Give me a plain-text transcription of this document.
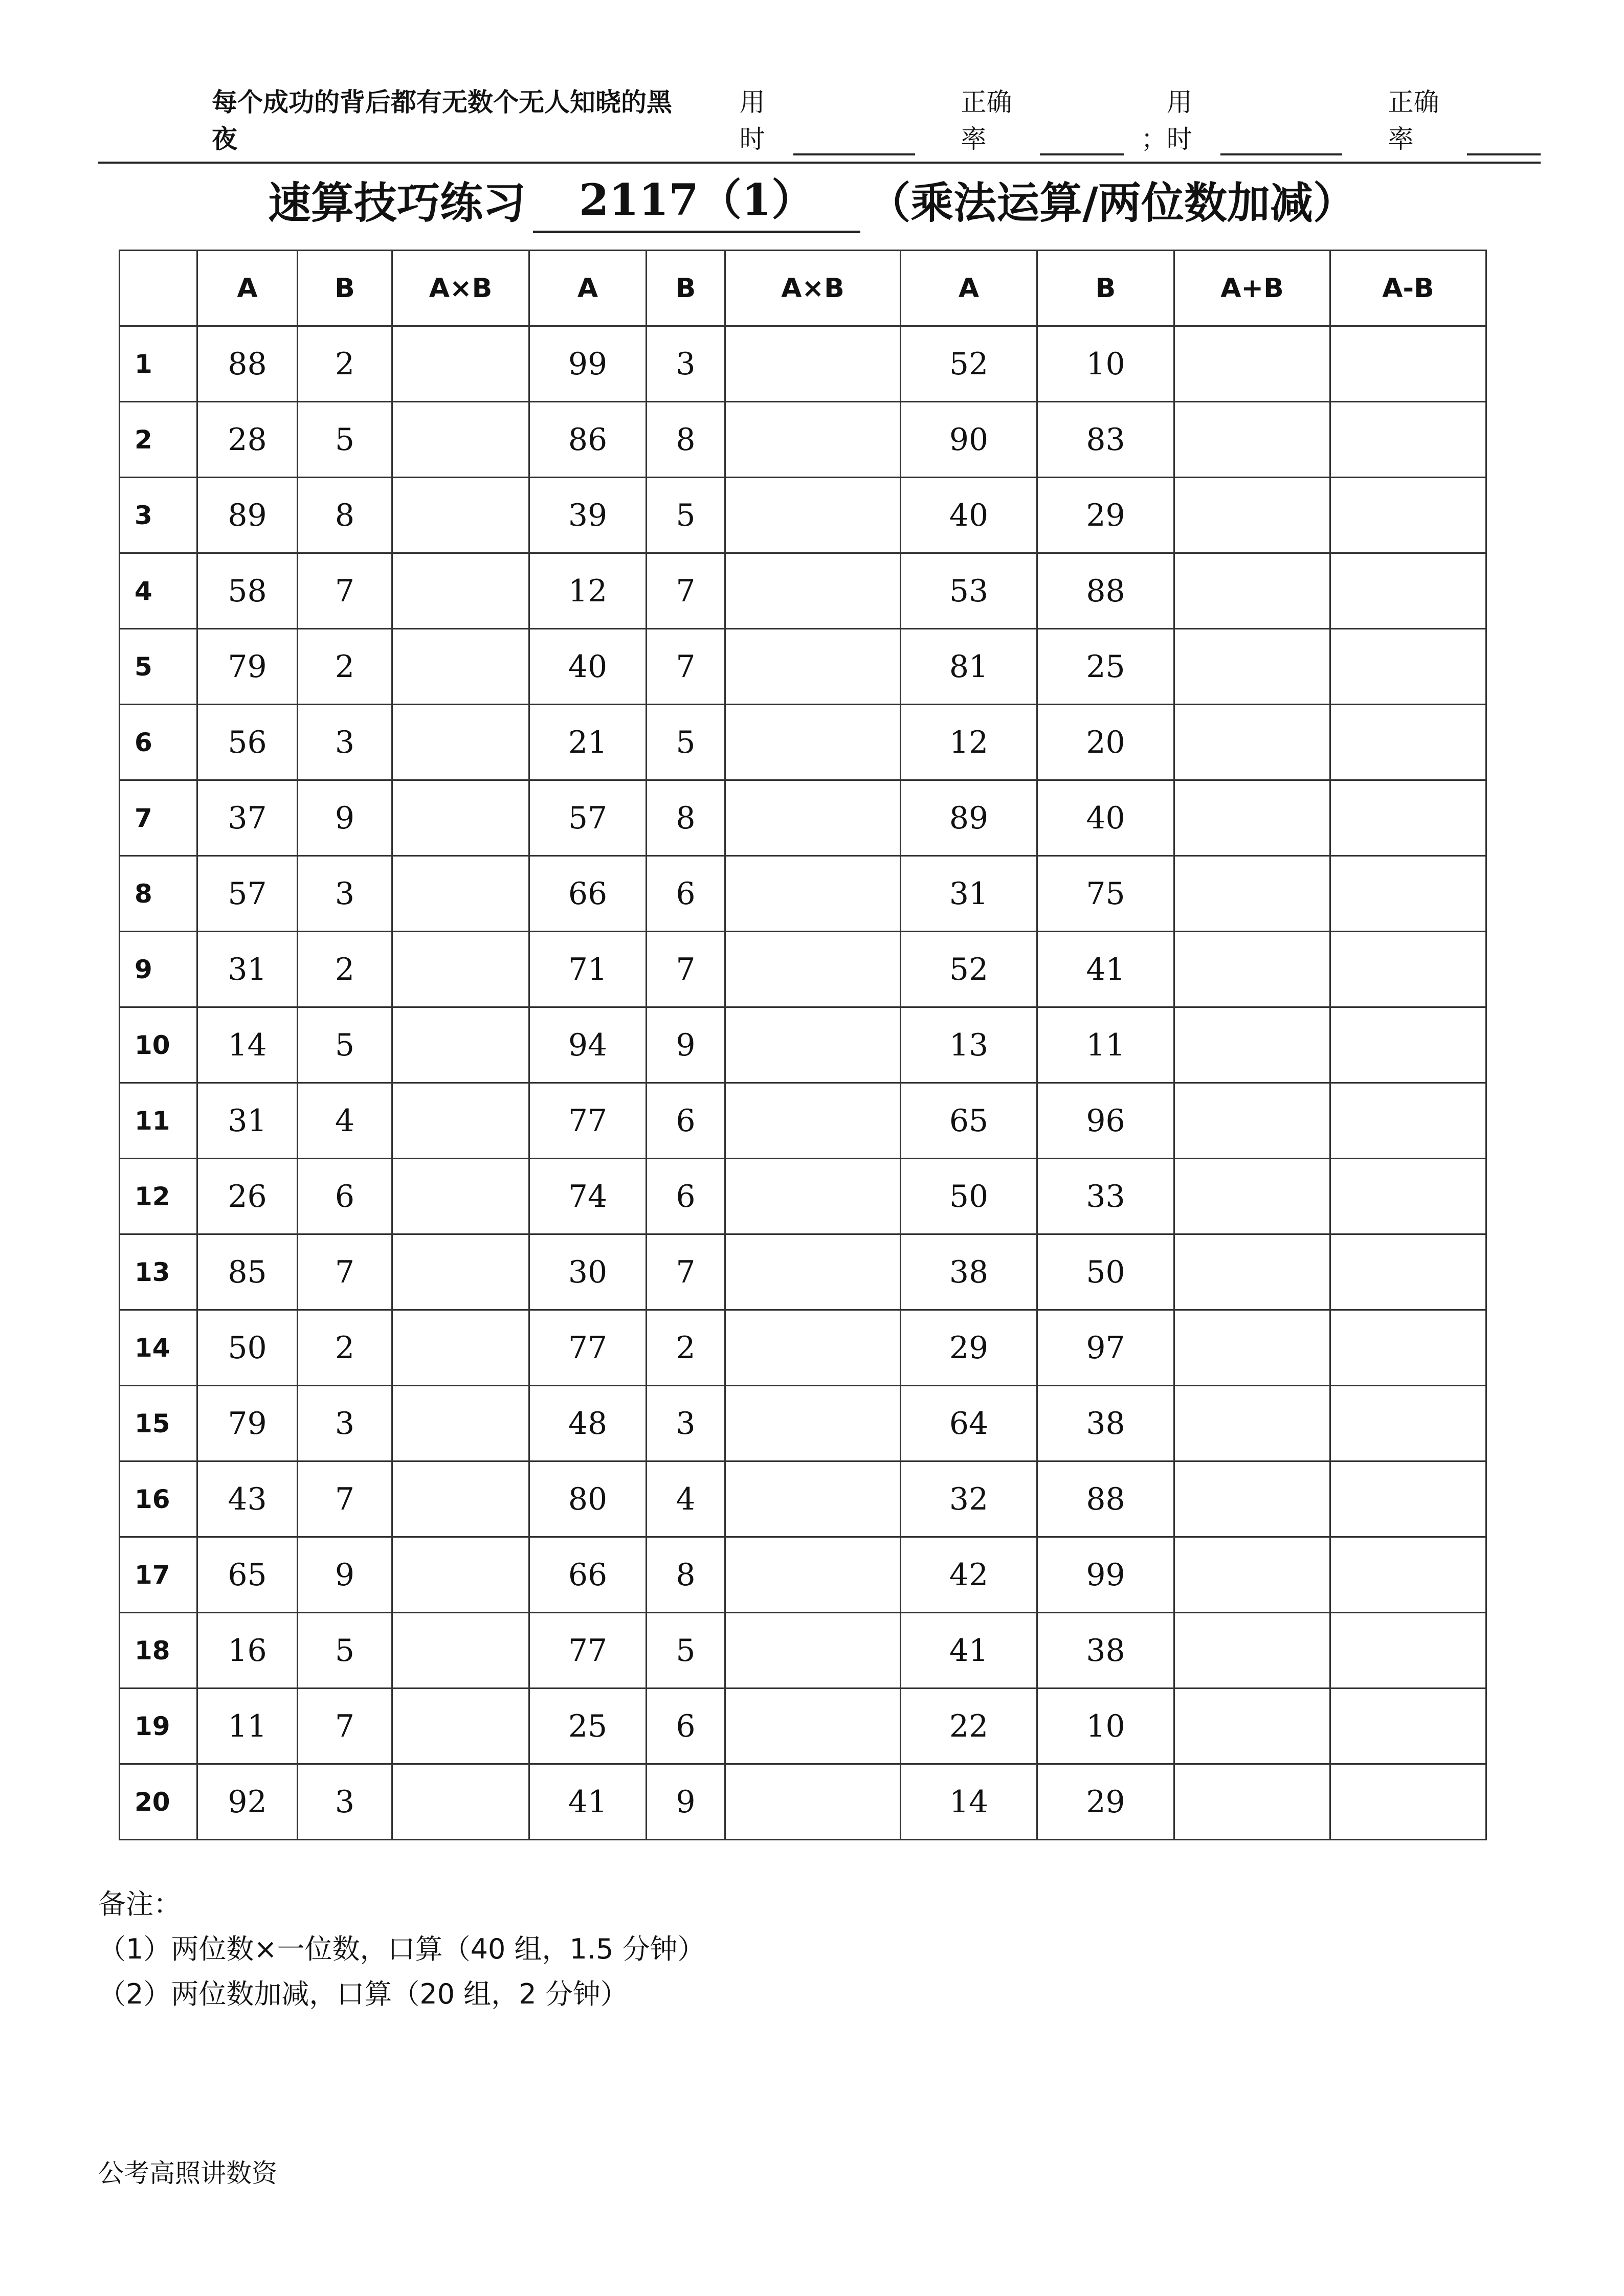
每个成功的背后都有无数个无人知晓的黑夜
用时
正确率	；
用时
正确率
速算技巧练习	2117（1）	（乘法运算/两位数加减）
	A	B	A×B	A	B	A×B	A	B	A+B	A-B
1	88	2		99	3		52	10		
2	28	5		86	8		90	83		
3	89	8		39	5		40	29		
4	58	7		12	7		53	88		
5	79	2		40	7		81	25		
6	56	3		21	5		12	20		
7	37	9		57	8		89	40		
8	57	3		66	6		31	75		
9	31	2		71	7		52	41		
10	14	5		94	9		13	11		
11	31	4		77	6		65	96		
12	26	6		74	6		50	33		
13	85	7		30	7		38	50		
14	50	2		77	2		29	97		
15	79	3		48	3		64	38		
16	43	7		80	4		32	88		
17	65	9		66	8		42	99		
18	16	5		77	5		41	38		
19	11	7		25	6		22	10		
20	92	3		41	9		14	29		
备注：
（1）两位数×一位数，口算（40 组，1.5 分钟）
（2）两位数加减，口算（20 组，2 分钟）
公考高照讲数资
